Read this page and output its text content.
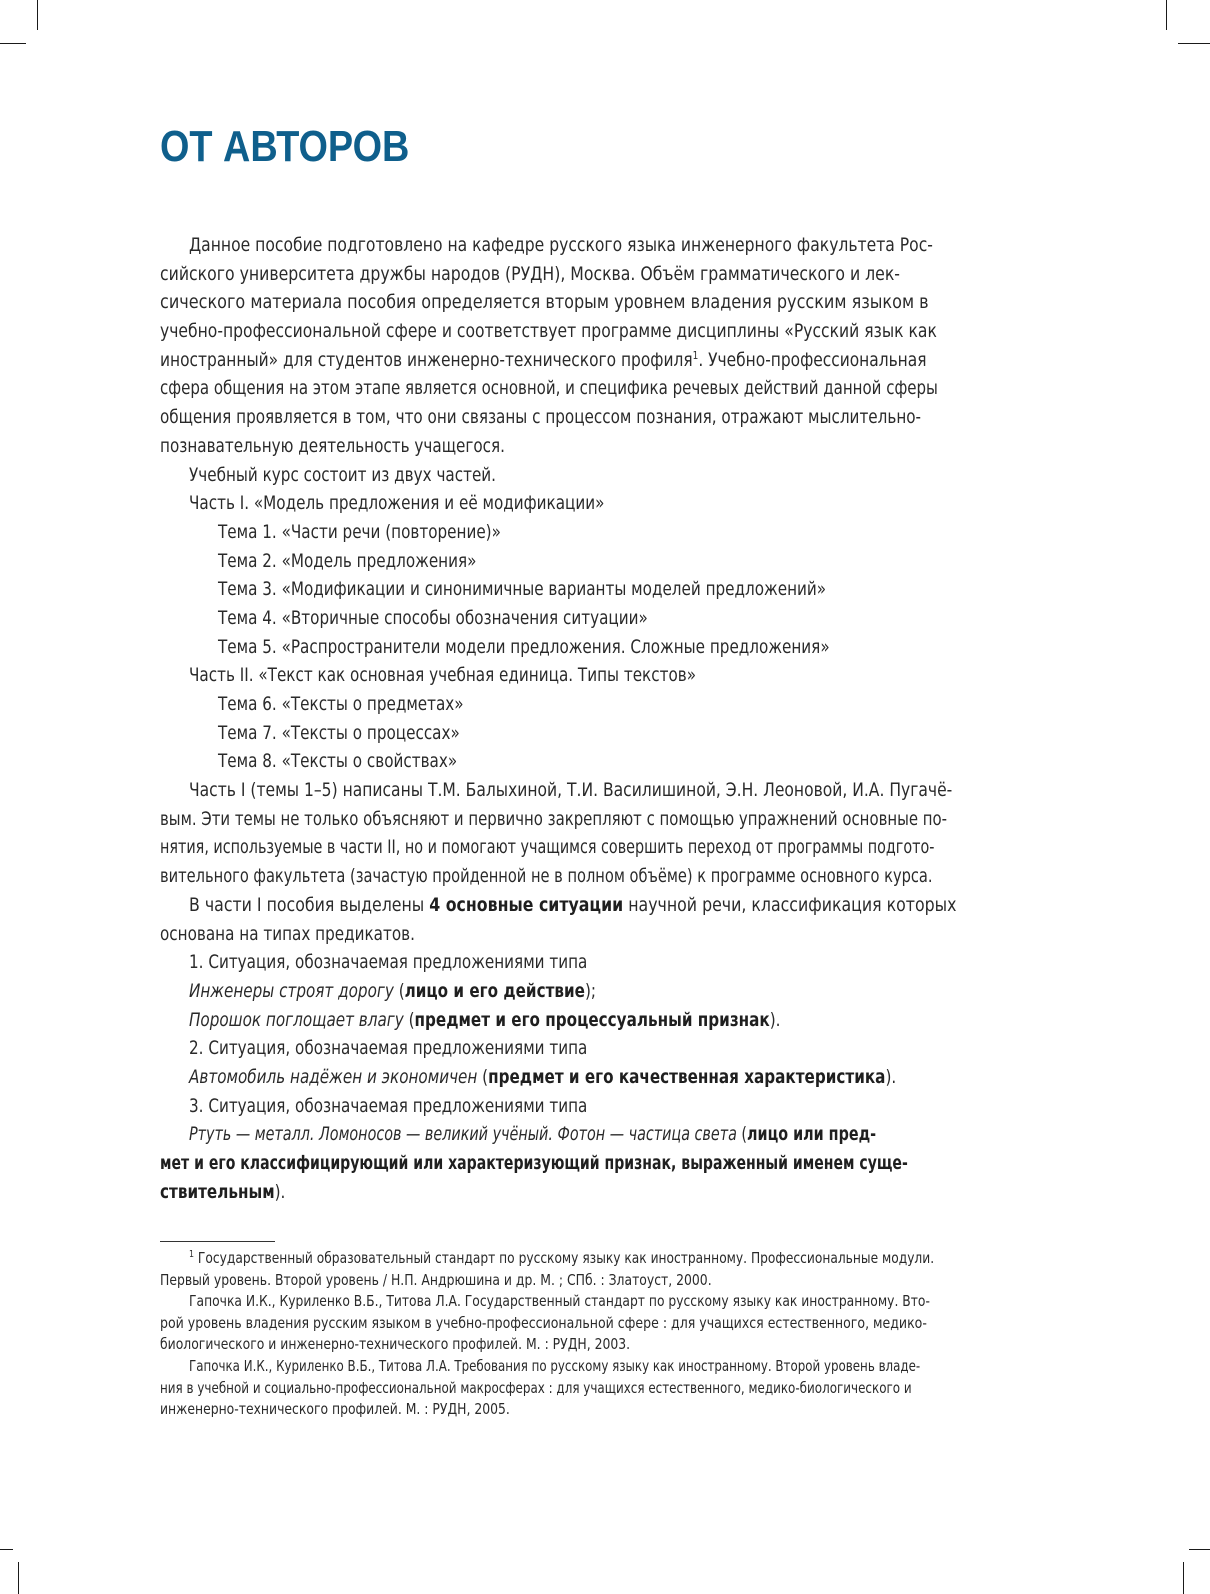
ОТ АВТОРОВ
Данное пособие подготовлено на кафедре русского языка инженерного факультета Рос-
сийского университета дружбы народов (РУДН), Москва. Объём грамматического и лек-
сического материала пособия определяется вторым уровнем владения русским языком в
учебно-профессиональной сфере и соответствует программе дисциплины «Русский язык как
иностранный» для студентов инженерно-технического профиля$^1$. Учебно-профессиональная
сфера общения на этом этапе является основной, и специфика речевых действий данной сферы
общения проявляется в том, что они связаны с процессом познания, отражают мыслительно-
познавательную деятельность учащегося.
Учебный курс состоит из двух частей.
Часть I. «Модель предложения и её модификации»
Тема 1. «Части речи (повторение)»
Тема 2. «Модель предложения»
Тема 3. «Модификации и синонимичные варианты моделей предложений»
Тема 4. «Вторичные способы обозначения ситуации»
Тема 5. «Распространители модели предложения. Сложные предложения»
Часть II. «Текст как основная учебная единица. Типы текстов»
Тема 6. «Тексты о предметах»
Тема 7. «Тексты о процессах»
Тема 8. «Тексты о свойствах»
Часть I (темы 1–5) написаны Т.М. Балыхиной, Т.И. Василишиной, Э.Н. Леоновой, И.А. Пугачё-
вым. Эти темы не только объясняют и первично закрепляют с помощью упражнений основные по-
нятия, используемые в части II, но и помогают учащимся совершить переход от программы подгото-
вительного факультета (зачастую пройденной не в полном объёме) к программе основного курса.
В части I пособия выделены 4 основные ситуации научной речи, классификация которых
основана на типах предикатов.
1. Ситуация, обозначаемая предложениями типа
Инженеры строят дорогу (лицо и его действие);
Порошок поглощает влагу (предмет и его процессуальный признак).
2. Ситуация, обозначаемая предложениями типа
Автомобиль надёжен и экономичен (предмет и его качественная характеристика).
3. Ситуация, обозначаемая предложениями типа
Ртуть — металл. Ломоносов — великий учёный. Фотон — частица света (лицо или пред-
мет и его классифицирующий или характеризующий признак, выраженный именем суще-
ствительным).
$^1$ Государственный образовательный стандарт по русскому языку как иностранному. Профессиональные модули.
Первый уровень. Второй уровень / Н.П. Андрюшина и др. М. ; СПб. : Златоуст, 2000.
Гапочка И.К., Куриленко В.Б., Титова Л.А. Государственный стандарт по русскому языку как иностранному. Вто-
рой уровень владения русским языком в учебно-профессиональной сфере : для учащихся естественного, медико-
биологического и инженерно-технического профилей. М. : РУДН, 2003.
Гапочка И.К., Куриленко В.Б., Титова Л.А. Требования по русскому языку как иностранному. Второй уровень владе-
ния в учебной и социально-профессиональной макросферах : для учащихся естественного, медико-биологического и
инженерно-технического профилей. М. : РУДН, 2005.
